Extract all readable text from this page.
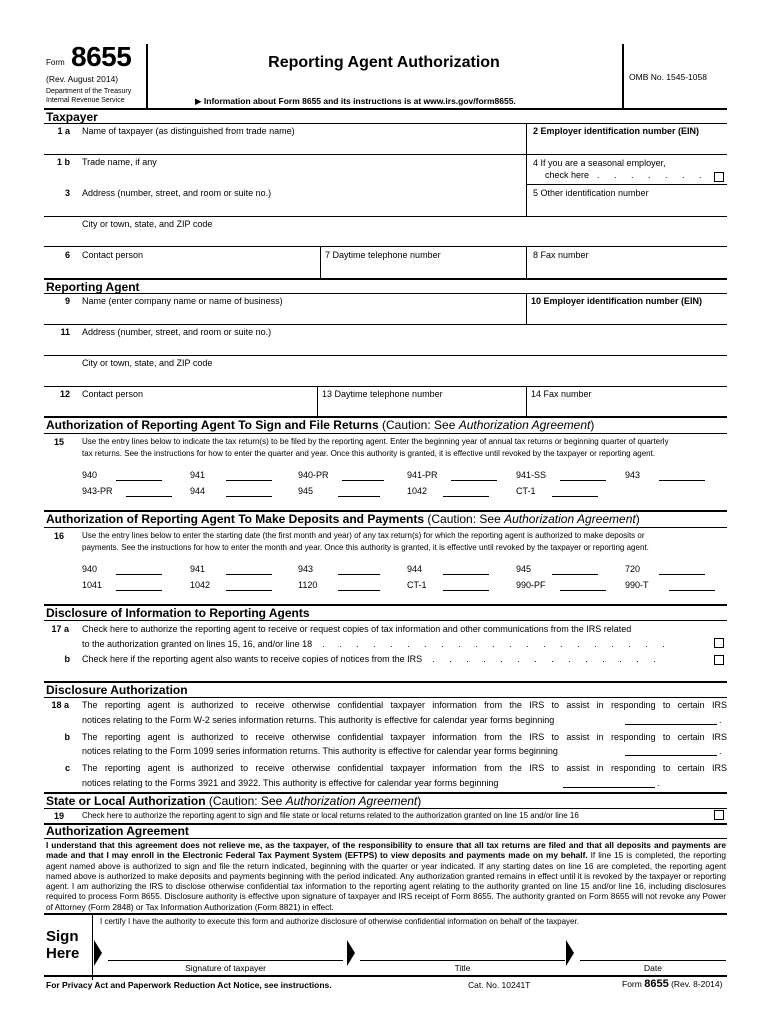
Form 8655
(Rev. August 2014)
Department of the Treasury
Internal Revenue Service
Reporting Agent Authorization
▶ Information about Form 8655 and its instructions is at www.irs.gov/form8655.
OMB No. 1545-1058
Taxpayer
1 a Name of taxpayer (as distinguished from trade name)	2 Employer identification number (EIN)
1 b Trade name, if any	4 If you are a seasonal employer,
check here . . . . . . .
3 Address (number, street, and room or suite no.)	5 Other identification number
City or town, state, and ZIP code
6 Contact person	7 Daytime telephone number	8 Fax number
Reporting Agent
9 Name (enter company name or name of business)	10 Employer identification number (EIN)
11 Address (number, street, and room or suite no.)
City or town, state, and ZIP code
12 Contact person	13 Daytime telephone number	14 Fax number
Authorization of Reporting Agent To Sign and File Returns (Caution: See Authorization Agreement)
15 Use the entry lines below to indicate the tax return(s) to be filed by the reporting agent. Enter the beginning year of annual tax returns or beginning quarter of quarterly
tax returns. See the instructions for how to enter the quarter and year. Once this authority is granted, it is effective until revoked by the taxpayer or reporting agent.
940	941	940-PR	941-PR	941-SS	943
943-PR	944	945	1042	CT-1
Authorization of Reporting Agent To Make Deposits and Payments (Caution: See Authorization Agreement)
16 Use the entry lines below to enter the starting date (the first month and year) of any tax return(s) for which the reporting agent is authorized to make deposits or
payments. See the instructions for how to enter the month and year. Once this authority is granted, it is effective until revoked by the taxpayer or reporting agent.
940	941	943	944	945	720
1041	1042	1120	CT-1	990-PF	990-T
Disclosure of Information to Reporting Agents
17 a Check here to authorize the reporting agent to receive or request copies of tax information and other communications from the IRS related
to the authorization granted on lines 15, 16, and/or line 18 . . . . . . . . . . . . . . . . . . . . .
b Check here if the reporting agent also wants to receive copies of notices from the IRS . . . . . . . . . . . . . .
Disclosure Authorization
18 a The reporting agent is authorized to receive otherwise confidential taxpayer information from the IRS to assist in responding to certain IRS
notices relating to the Form W-2 series information returns. This authority is effective for calendar year forms beginning	.
b The reporting agent is authorized to receive otherwise confidential taxpayer information from the IRS to assist in responding to certain IRS
notices relating to the Form 1099 series information returns. This authority is effective for calendar year forms beginning	.
c The reporting agent is authorized to receive otherwise confidential taxpayer information from the IRS to assist in responding to certain IRS
notices relating to the Forms 3921 and 3922. This authority is effective for calendar year forms beginning	.
State or Local Authorization (Caution: See Authorization Agreement)
19 Check here to authorize the reporting agent to sign and file state or local returns related to the authorization granted on line 15 and/or line 16
Authorization Agreement
I understand that this agreement does not relieve me, as the taxpayer, of the responsibility to ensure that all tax returns are filed and that all deposits and payments are made and that I may enroll in the Electronic Federal Tax Payment System (EFTPS) to view deposits and payments made on my behalf. If line 15 is completed, the reporting agent named above is authorized to sign and file the return indicated, beginning with the quarter or year indicated. If any starting dates on line 16 are completed, the reporting agent named above is authorized to make deposits and payments beginning with the period indicated. Any authorization granted remains in effect until it is revoked by the taxpayer or reporting agent. I am authorizing the IRS to disclose otherwise confidential tax information to the reporting agent relating to the authority granted on line 15 and/or line 16, including disclosures required to process Form 8655. Disclosure authority is effective upon signature of taxpayer and IRS receipt of Form 8655. The authority granted on Form 8655 will not revoke any Power of Attorney (Form 2848) or Tax Information Authorization (Form 8821) in effect.
I certify I have the authority to execute this form and authorize disclosure of otherwise confidential information on behalf of the taxpayer.
Sign
Here
Signature of taxpayer	Title	Date
For Privacy Act and Paperwork Reduction Act Notice, see instructions.	Cat. No. 10241T	Form 8655 (Rev. 8-2014)
